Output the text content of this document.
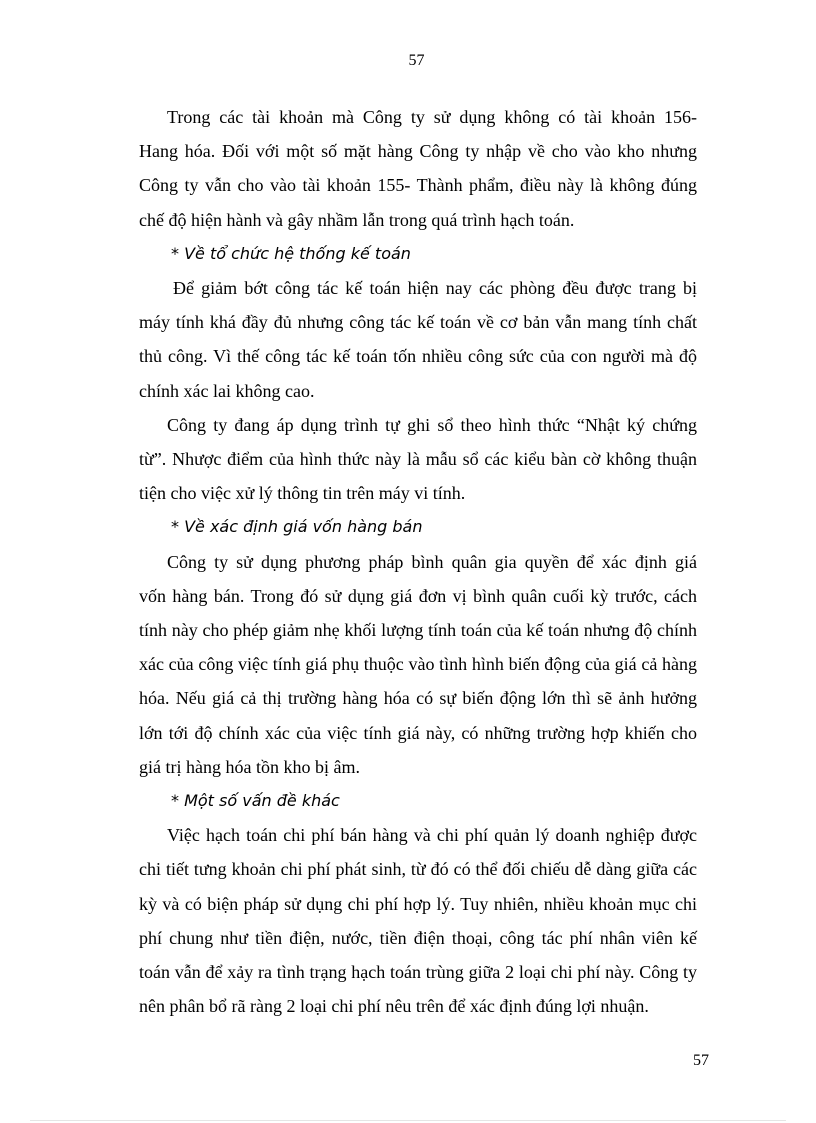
57
Trong các tài khoản mà Công ty sử dụng không có tài khoản 156-
Hang hóa. Đối với một số mặt hàng Công ty nhập về cho vào kho nhưng
Công ty vẫn cho vào tài khoản 155- Thành phẩm, điều này là không đúng
chế độ hiện hành và gây nhầm lẫn trong quá trình hạch toán.
* Về tổ chức hệ thống kế toán
Để giảm bớt công tác kế toán hiện nay các phòng đều được trang bị
máy tính khá đầy đủ nhưng công tác kế toán về cơ bản vẫn mang tính chất
thủ công. Vì thế công tác kế toán tốn nhiều công sức của con người mà độ
chính xác lai không cao.
Công ty đang áp dụng trình tự ghi sổ theo hình thức “Nhật ký chứng
từ”. Nhược điểm của hình thức này là mẫu sổ các kiểu bàn cờ không thuận
tiện cho việc xử lý thông tin trên máy vi tính.
* Về xác định giá vốn hàng bán
Công ty sử dụng phương pháp bình quân gia quyền để xác định giá
vốn hàng bán. Trong đó sử dụng giá đơn vị bình quân cuối kỳ trước, cách
tính này cho phép giảm nhẹ khối lượng tính toán của kế toán nhưng độ chính
xác của công việc tính giá phụ thuộc vào tình hình biến động của giá cả hàng
hóa. Nếu giá cả thị trường hàng hóa có sự biến động lớn thì sẽ ảnh hưởng
lớn tới độ chính xác của việc tính giá này, có những trường hợp khiến cho
giá trị hàng hóa tồn kho bị âm.
* Một số vấn đề khác
Việc hạch toán chi phí bán hàng và chi phí quản lý doanh nghiệp được
chi tiết tưng khoản chi phí phát sinh, từ đó có thể đối chiếu dễ dàng giữa các
kỳ và có biện pháp sử dụng chi phí hợp lý. Tuy nhiên, nhiều khoản mục chi
phí chung như tiền điện, nước, tiền điện thoại, công tác phí nhân viên kế
toán vẫn để xảy ra tình trạng hạch toán trùng giữa 2 loại chi phí này. Công ty
nên phân bổ rã ràng 2 loại chi phí nêu trên để xác định đúng lợi nhuận.
57
